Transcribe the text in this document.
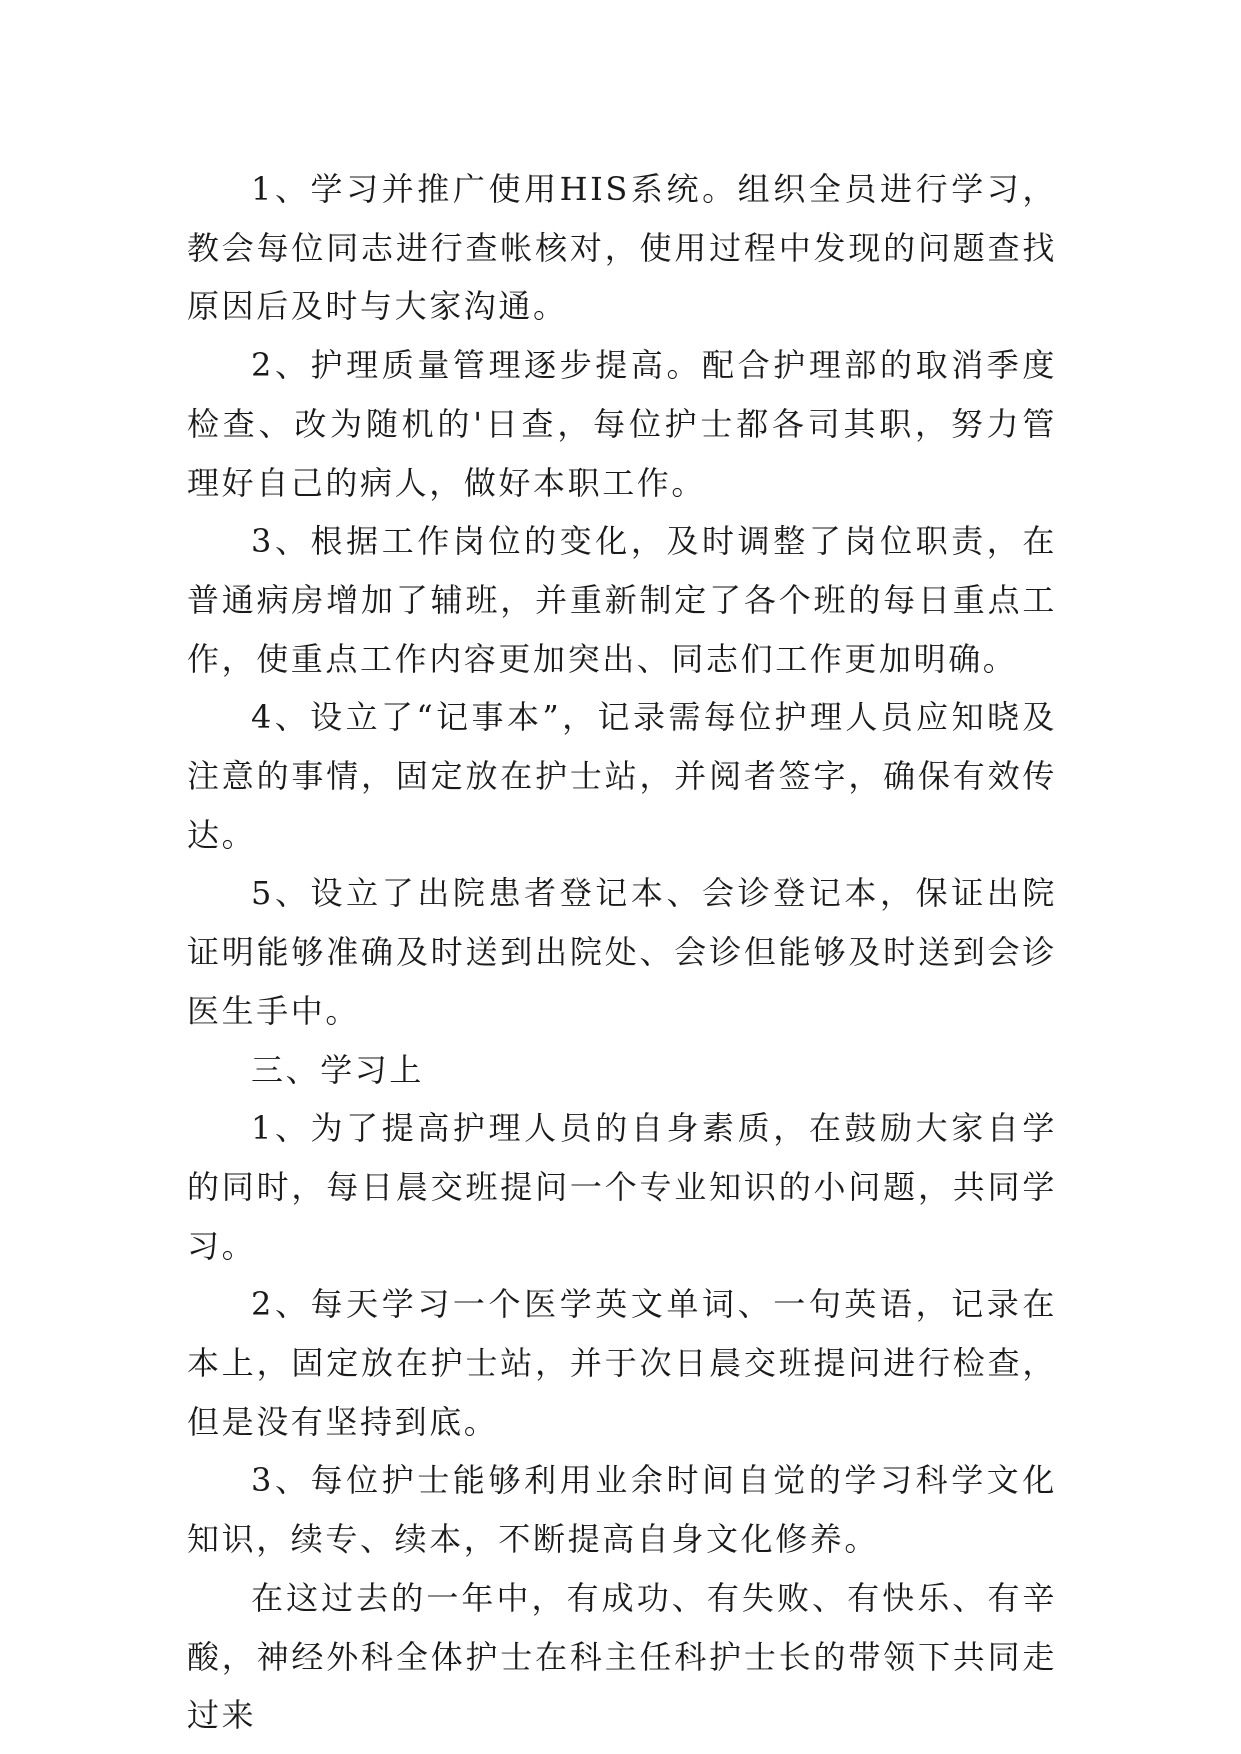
1、学习并推广使用HIS系统。组织全员进行学习，教会每位同志进行查帐核对，使用过程中发现的问题查找原因后及时与大家沟通。

2、护理质量管理逐步提高。配合护理部的取消季度检查、改为随机的'日查，每位护士都各司其职，努力管理好自己的病人，做好本职工作。

3、根据工作岗位的变化，及时调整了岗位职责，在普通病房增加了辅班，并重新制定了各个班的每日重点工作，使重点工作内容更加突出、同志们工作更加明确。

4、设立了“记事本”，记录需每位护理人员应知晓及注意的事情，固定放在护士站，并阅者签字，确保有效传达。

5、设立了出院患者登记本、会诊登记本，保证出院证明能够准确及时送到出院处、会诊但能够及时送到会诊医生手中。

三、学习上

1、为了提高护理人员的自身素质，在鼓励大家自学的同时，每日晨交班提问一个专业知识的小问题，共同学习。

2、每天学习一个医学英文单词、一句英语，记录在本上，固定放在护士站，并于次日晨交班提问进行检查，但是没有坚持到底。

3、每位护士能够利用业余时间自觉的学习科学文化知识，续专、续本，不断提高自身文化修养。

在这过去的一年中，有成功、有失败、有快乐、有辛酸，神经外科全体护士在科主任科护士长的带领下共同走过来
